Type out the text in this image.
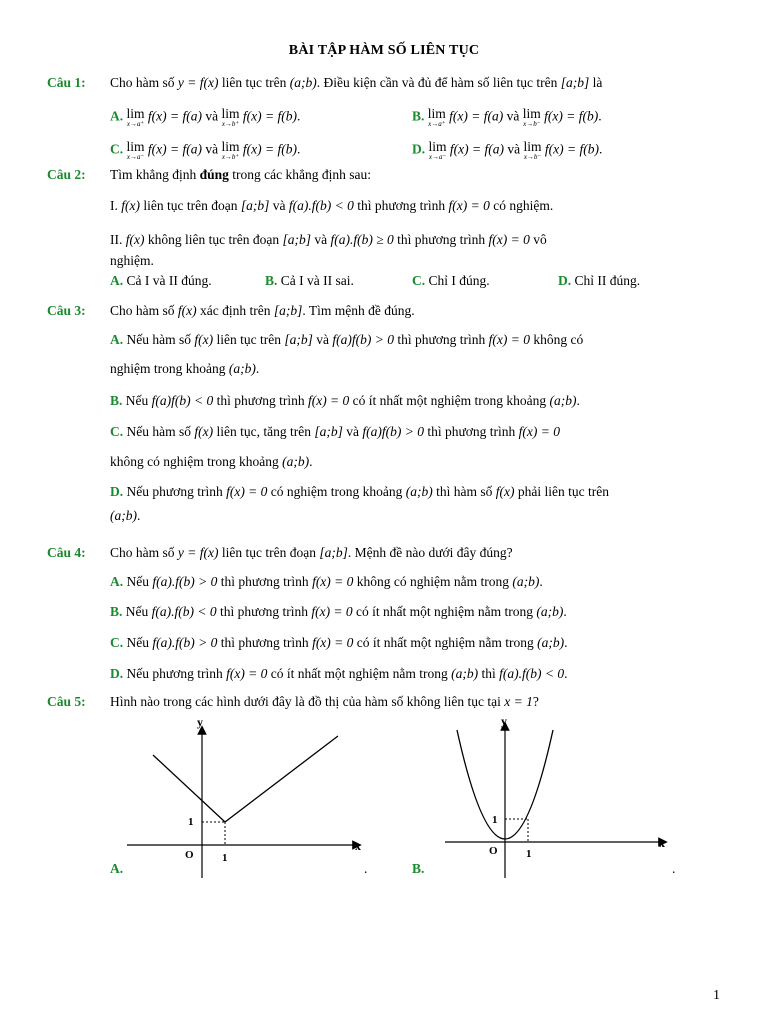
BÀI TẬP HÀM SỐ LIÊN TỤC
Câu 1: Cho hàm số y = f(x) liên tục trên (a;b). Điều kiện cần và đủ để hàm số liên tục trên [a;b] là
A. lim
x→a⁺
f(x) = f(a) và lim
x→b⁺
f(x) = f(b).	B. lim
x→a⁺
f(x) = f(a) và lim
x→b⁻
f(x) = f(b).
C. lim
x→a⁻
f(x) = f(a) và lim
x→b⁺
f(x) = f(b).	D. lim
x→a⁻
f(x) = f(a) và lim
x→b⁻
f(x) = f(b).
Câu 2: Tìm khẳng định đúng trong các khẳng định sau:
I. f(x) liên tục trên đoạn [a;b] và f(a).f(b) < 0 thì phương trình f(x) = 0 có nghiệm.
II. f(x) không liên tục trên đoạn [a;b] và f(a).f(b) ≥ 0 thì phương trình f(x) = 0 vô
nghiệm.
A. Cả I và II đúng.	B. Cả I và II sai.	C. Chỉ I đúng.	D. Chỉ II đúng.
Câu 3: Cho hàm số f(x) xác định trên [a;b]. Tìm mệnh đề đúng.
A. Nếu hàm số f(x) liên tục trên [a;b] và f(a)f(b) > 0 thì phương trình f(x) = 0 không có
nghiệm trong khoảng (a;b).
B. Nếu f(a)f(b) < 0 thì phương trình f(x) = 0 có ít nhất một nghiệm trong khoảng (a;b).
C. Nếu hàm số f(x) liên tục, tăng trên [a;b] và f(a)f(b) > 0 thì phương trình f(x) = 0
không có nghiệm trong khoảng (a;b).
D. Nếu phương trình f(x) = 0 có nghiệm trong khoảng (a;b) thì hàm số f(x) phải liên tục trên
(a;b).
Câu 4: Cho hàm số y = f(x) liên tục trên đoạn [a;b]. Mệnh đề nào dưới đây đúng?
A. Nếu f(a).f(b) > 0 thì phương trình f(x) = 0 không có nghiệm nằm trong (a;b).
B. Nếu f(a).f(b) < 0 thì phương trình f(x) = 0 có ít nhất một nghiệm nằm trong (a;b).
C. Nếu f(a).f(b) > 0 thì phương trình f(x) = 0 có ít nhất một nghiệm nằm trong (a;b).
D. Nếu phương trình f(x) = 0 có ít nhất một nghiệm nằm trong (a;b) thì f(a).f(b) < 0.
Câu 5: Hình nào trong các hình dưới đây là đồ thị của hàm số không liên tục tại x = 1?
y
x
O	1
1
A.	.
y
x
O	1
1
B.	.
1
